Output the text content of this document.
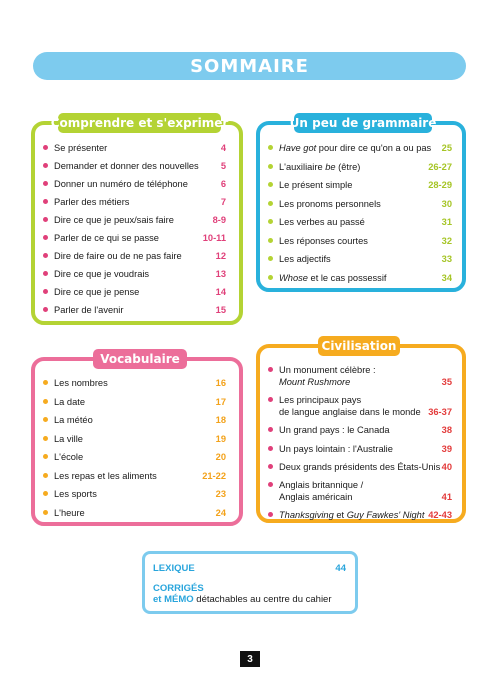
SOMMAIRE
Comprendre et s'exprimer
Se présenter	4
Demander et donner des nouvelles	5
Donner un numéro de téléphone	6
Parler des métiers	7
Dire ce que je peux/sais faire	8-9
Parler de ce qui se passe	10-11
Dire de faire ou de ne pas faire	12
Dire ce que je voudrais	13
Dire ce que je pense	14
Parler de l'avenir	15
Un peu de grammaire
Have got pour dire ce qu'on a ou pas	25
L'auxiliaire be (être)	26-27
Le présent simple	28-29
Les pronoms personnels	30
Les verbes au passé	31
Les réponses courtes	32
Les adjectifs	33
Whose et le cas possessif	34
Vocabulaire
Les nombres	16
La date	17
La météo	18
La ville	19
L'école	20
Les repas et les aliments	21-22
Les sports	23
L'heure	24
Civilisation
Un monument célèbre :
Mount Rushmore	35
Les principaux pays
de langue anglaise dans le monde 36-37
Un grand pays : le Canada	38
Un pays lointain : l'Australie	39
Deux grands présidents des États-Unis 40
Anglais britannique /
Anglais américain	41
Thanksgiving et Guy Fawkes' Night 42-43
LEXIQUE	44
CORRIGÉS
et MÉMO détachables au centre du cahier
3
